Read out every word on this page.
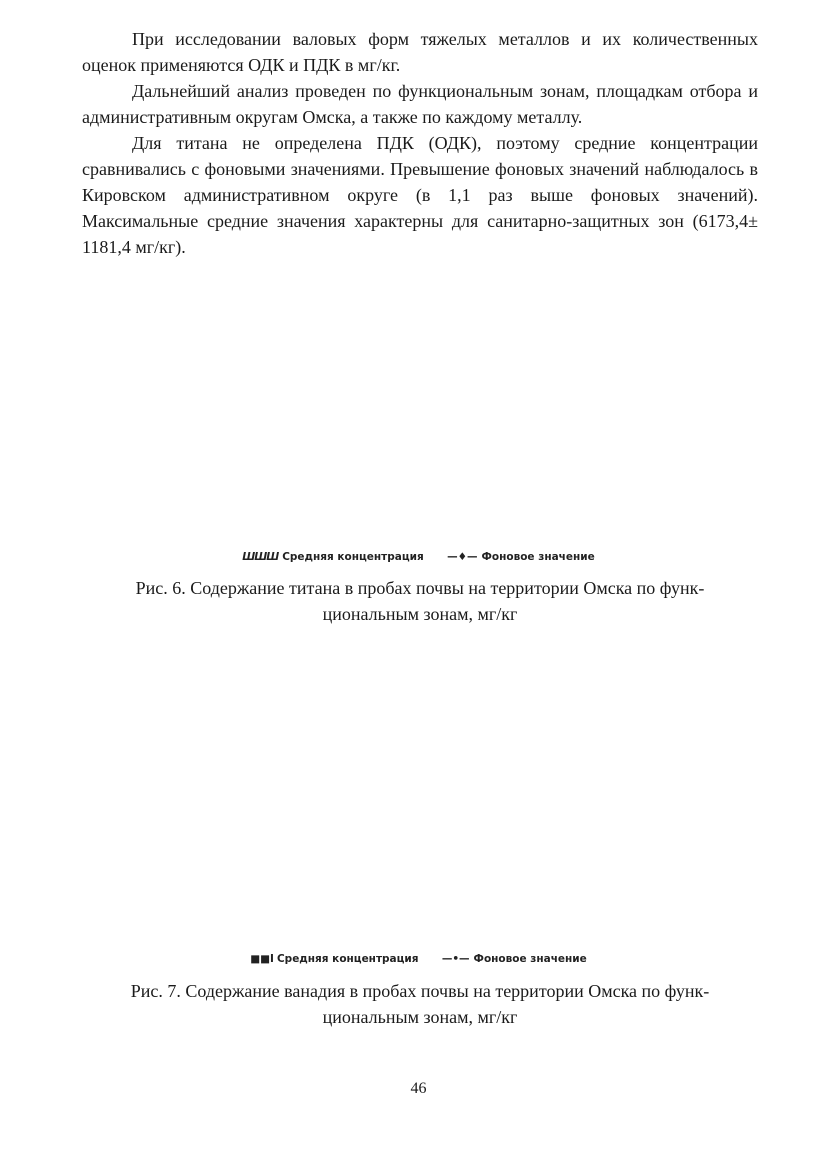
При исследовании валовых форм тяжелых металлов и их количественных оценок применяются ОДК и ПДК в мг/кг.

Дальнейший анализ проведен по функциональным зонам, площадкам отбора и административным округам Омска, а также по каждому металлу.

Для титана не определена ПДК (ОДК), поэтому средние концентрации сравнивались с фоновыми значениями. Превышение фоновых значений наблюдалось в Кировском административном округе (в 1,1 раз выше фоновых значений). Максимальные средние значения характерны для санитарно-защитных зон (6173,4± 1181,4 мг/кг).

ШШШ Средняя концентрация —♦— Фоновое значение
Рис. 6. Содержание титана в пробах почвы на территории Омска по функ-
циональным зонам, мг/кг
■■I Средняя концентрация —•— Фоновое значение
Рис. 7. Содержание ванадия в пробах почвы на территории Омска по функ-
циональным зонам, мг/кг
46
